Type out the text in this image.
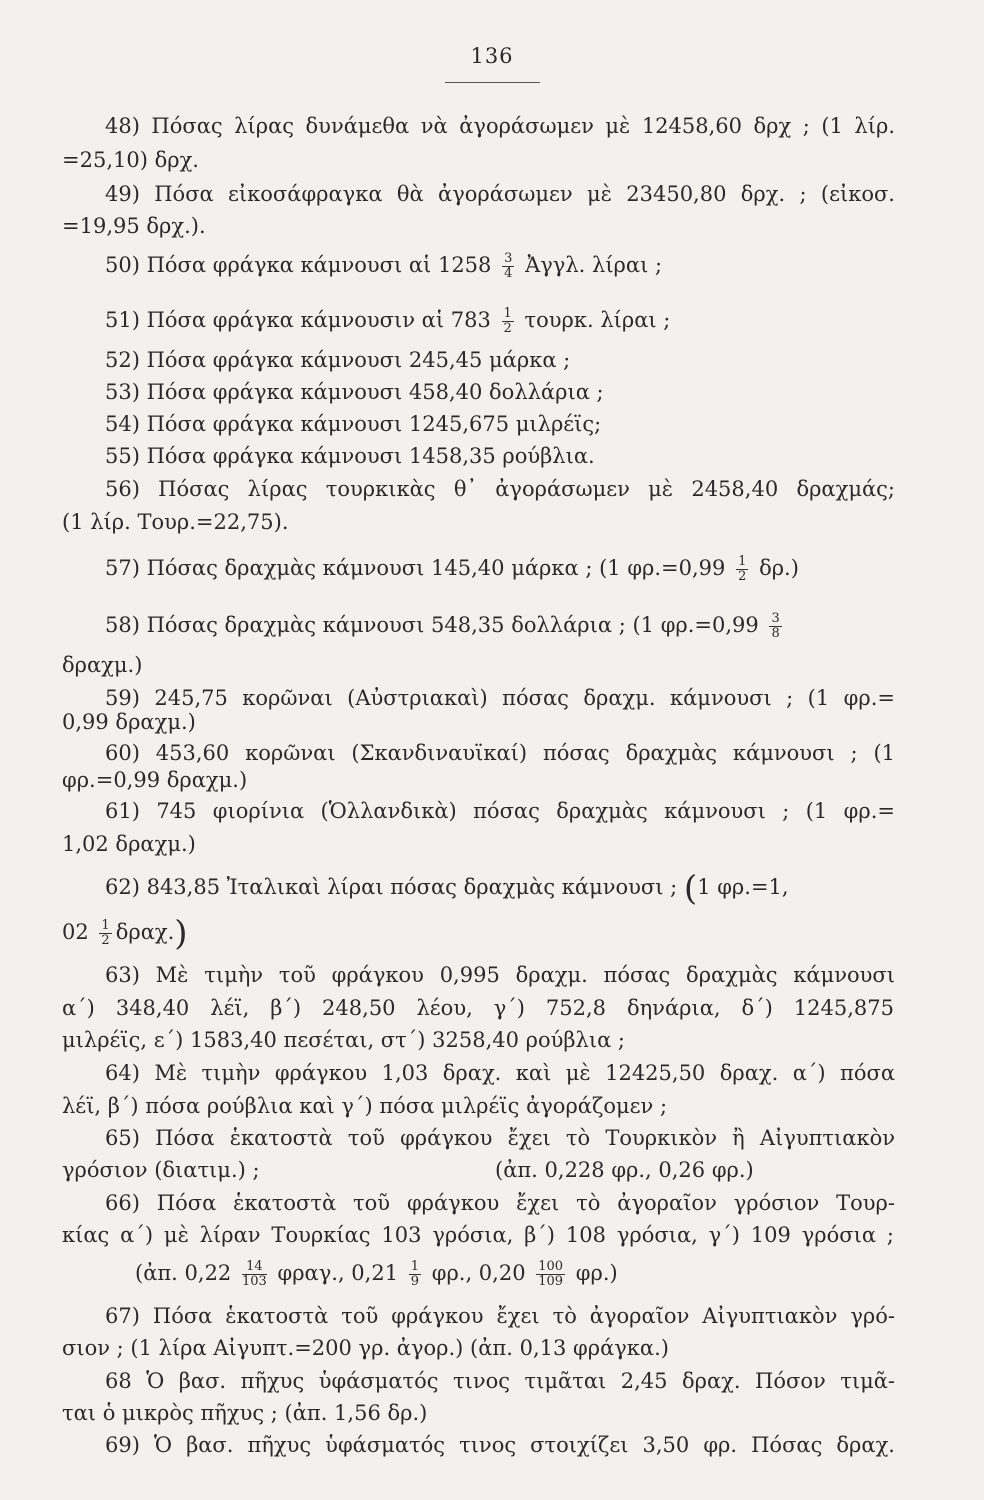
136
48) Πόσας λίρας δυνάμεθα νὰ ἀγοράσωμεν μὲ 12458,60 δρχ ; (1 λίρ.
=25,10) δρχ.
49) Πόσα εἰκοσάφραγκα θὰ ἀγοράσωμεν μὲ 23450,80 δρχ. ; (εἰκοσ.
=19,95 δρχ.).
50) Πόσα φράγκα κάμνουσι αἱ $1258 \frac{3}{4}$ Ἀγγλ. λίραι ;
51) Πόσα φράγκα κάμνουσιν αἱ $783 \frac{1}{2} \tau o\upsilon\rho\kappa$. λίραι ;
52) Πόσα φράγκα κάμνουσι 245,45 μάρκα ;
53) Πόσα φράγκα κάμνουσι 458,40 δολλάρια ;
54) Πόσα φράγκα κάμνουσι 1245,675 μιλρέϊς;
55) Πόσα φράγκα κάμνουσι 1458,35 ρούβλια.
56) Πόσας λίρας τουρκικὰς θ᾽ ἀγοράσωμεν μὲ 2458,40 δραχμάς;
(1 λίρ. Τουρ.=22,75).
57) Πόσας δραχμὰς κάμνουσι 145,40 μάρκα ; (1 $\varphi\rho.=0,99 \frac{1}{2} \delta\rho$.)
58) Πόσας δραχμὰς κάμνουσι 548,35 δολλάρια ; (1 $\varphi\rho.=0,99 \frac{3}{8}$
δραχμ.)
59) 245,75 κορῶναι (Αὐστριακαὶ) πόσας δραχμ. κάμνουσι ; (1 φρ.=
0,99 δραχμ.)
60) 453,60 κορῶναι (Σκανδιναυϊκαί) πόσας δραχμὰς κάμνουσι ; (1
φρ.=0,99 δραχμ.)
61) 745 φιορίνια (Ὁλλανδικὰ) πόσας δραχμὰς κάμνουσι ; (1 φρ.=
1,02 δραχμ.)
62) 843,85 Ἰταλικαὶ λίραι πόσας δραχμὰς κάμνουσι ; (1 φρ.=1,
$02 \frac{1}{2} \delta\rho\alpha\chi$.)
63) Μὲ τιμὴν τοῦ φράγκου 0,995 δραχμ. πόσας δραχμὰς κάμνουσι
α΄) 348,40 λέϊ, β΄) 248,50 λέου, γ΄) 752,8 δηνάρια, δ΄) 1245,875
μιλρέϊς, ε΄) 1583,40 πεσέται, στ΄) 3258,40 ρούβλια ;
64) Μὲ τιμὴν φράγκου 1,03 δραχ. καὶ μὲ 12425,50 δραχ. α΄) πόσα
λέϊ, β΄) πόσα ρούβλια καὶ γ΄) πόσα μιλρέϊς ἀγοράζομεν ;
65) Πόσα ἑκατοστὰ τοῦ φράγκου ἔχει τὸ Τουρκικὸν ἢ Αἰγυπτιακὸν
γρόσιον (διατιμ.) ;	(ἀπ. 0,228 φρ., 0,26 φρ.)
66) Πόσα ἑκατοστὰ τοῦ φράγκου ἔχει τὸ ἀγοραῖον γρόσιον Τουρ-
κίας α΄) μὲ λίραν Τουρκίας 103 γρόσια, β΄) 108 γρόσια, γ΄) 109 γρόσια ;
(ἀπ. $0,22 \frac{14}{103} \varphi\rho\alpha\gamma$., $0,21 \frac{1}{9} \varphi\rho$., $0,20 \frac{100}{109} \varphi\rho$.)
67) Πόσα ἑκατοστὰ τοῦ φράγκου ἔχει τὸ ἀγοραῖον Αἰγυπτιακὸν γρό-
σιον ; (1 λίρα Αἰγυπτ.=200 γρ. ἀγορ.) (ἀπ. 0,13 φράγκα.)
68 Ὁ βασ. πῆχυς ὑφάσματός τινος τιμᾶται 2,45 δραχ. Πόσον τιμᾶ-
ται ὁ μικρὸς πῆχυς ; (ἀπ. 1,56 δρ.)
69) Ὁ βασ. πῆχυς ὑφάσματός τινος στοιχίζει 3,50 φρ. Πόσας δραχ.
